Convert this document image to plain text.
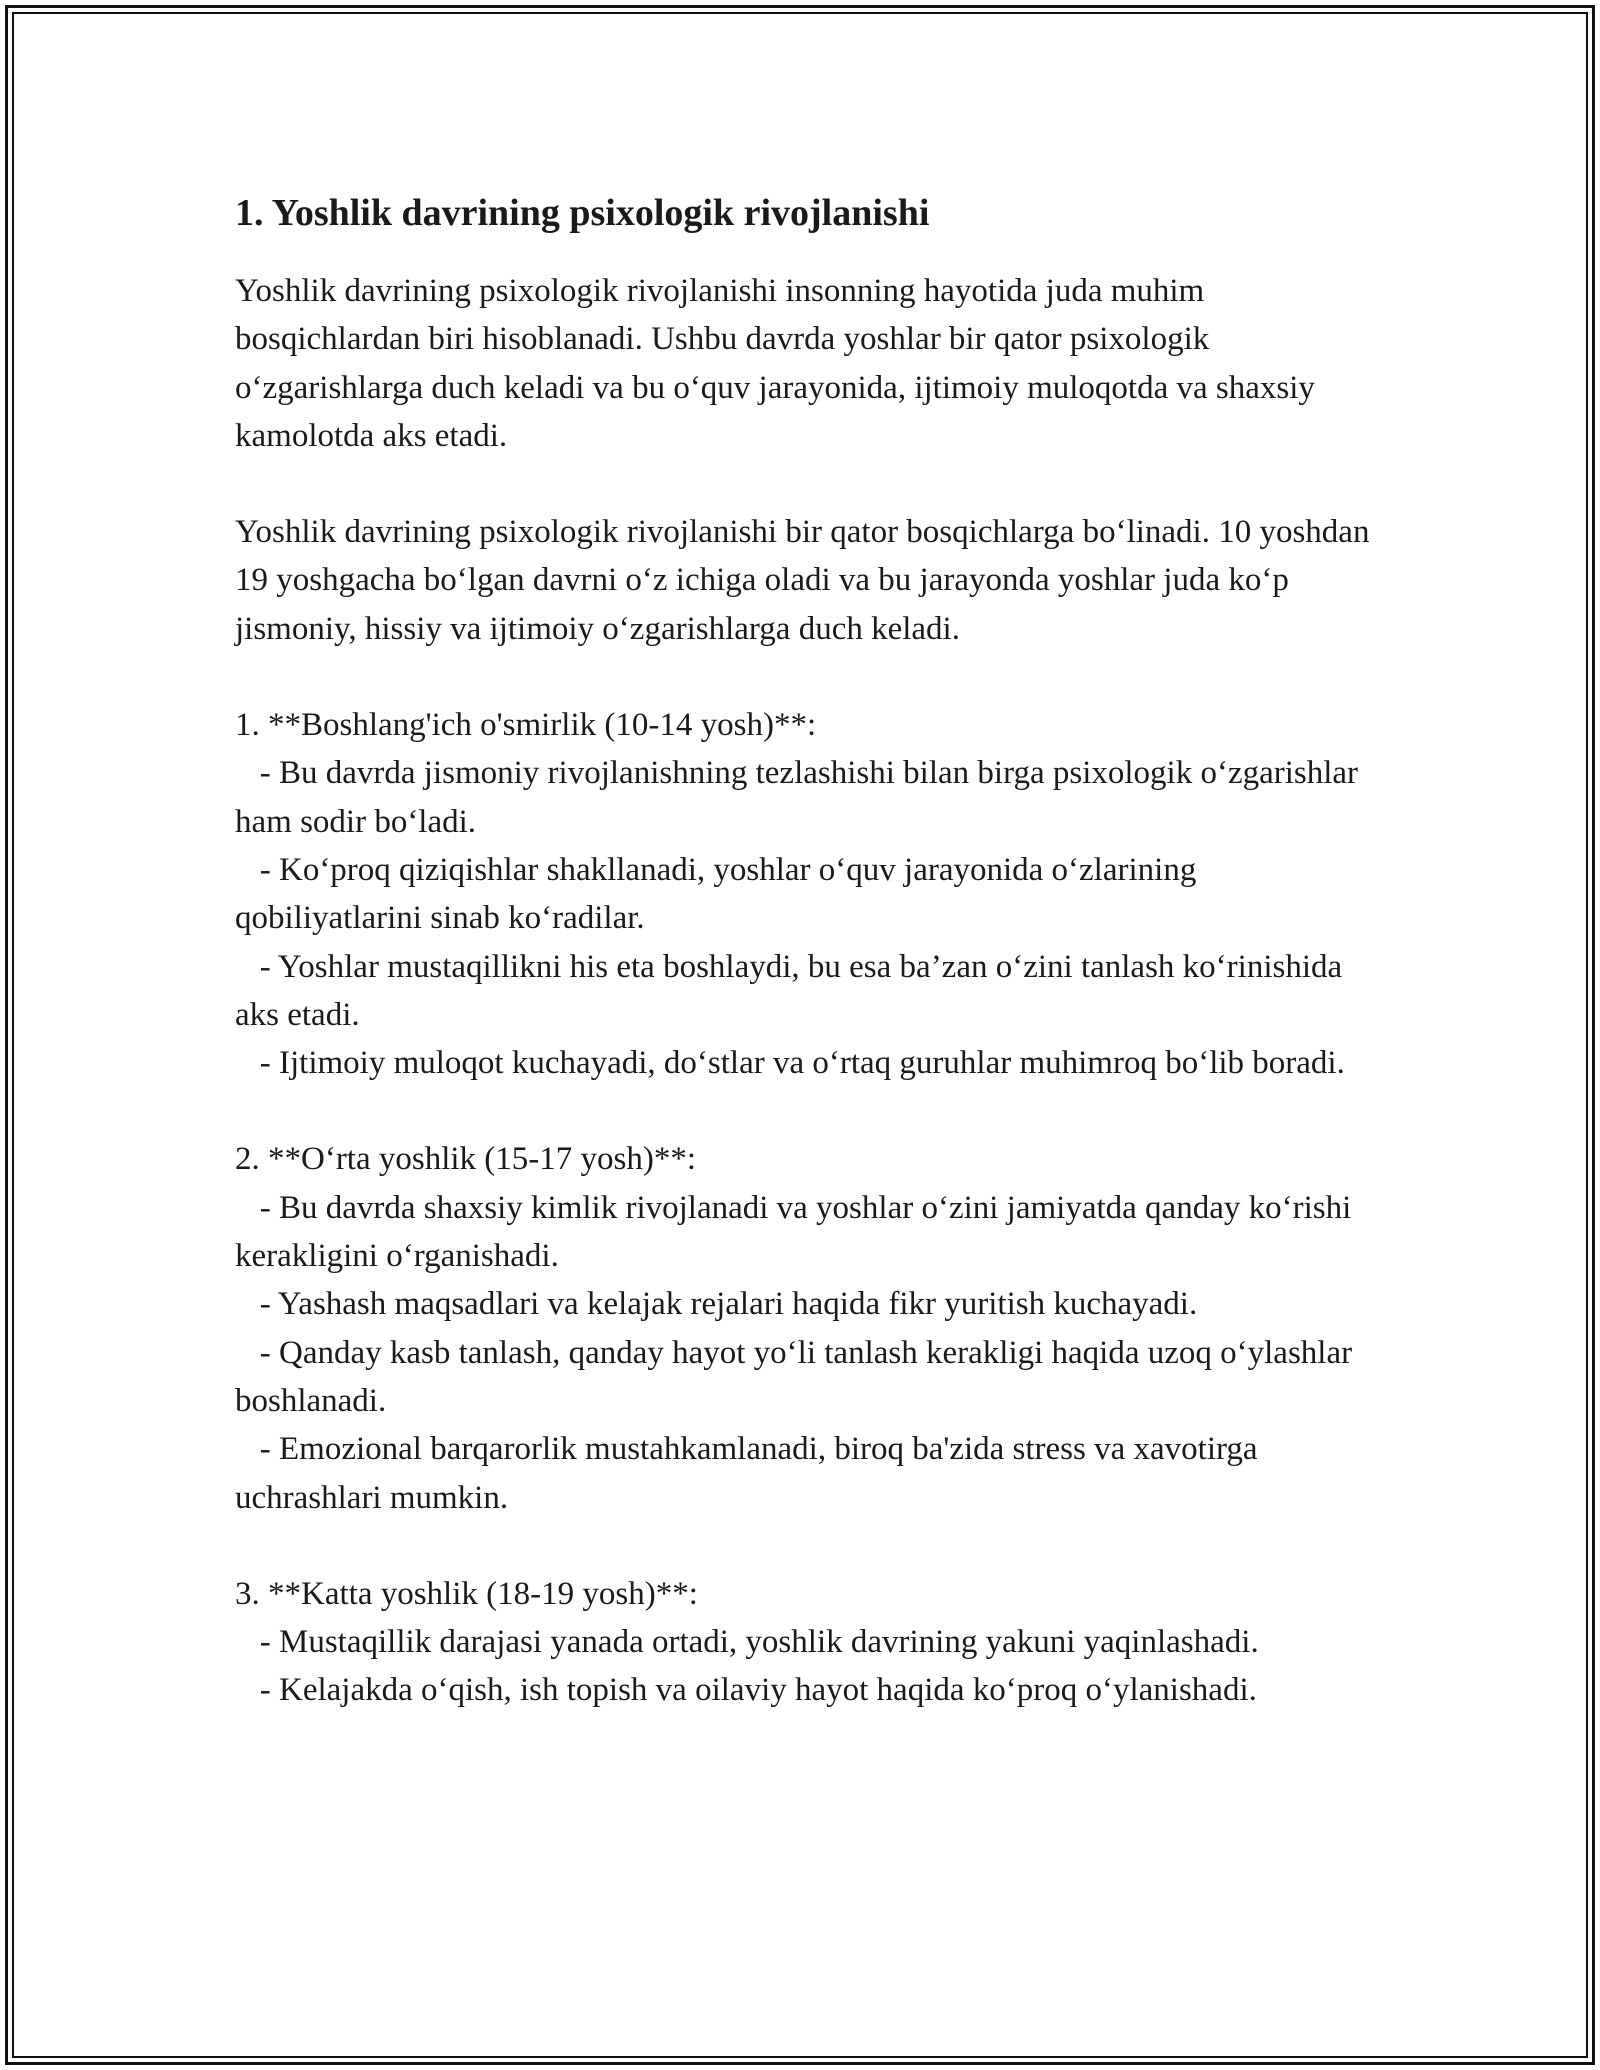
1. Yoshlik davrining psixologik rivojlanishi

Yoshlik davrining psixologik rivojlanishi insonning hayotida juda muhim bosqichlardan biri hisoblanadi. Ushbu davrda yoshlar bir qator psixologik o‘zgarishlarga duch keladi va bu o‘quv jarayonida, ijtimoiy muloqotda va shaxsiy kamolotda aks etadi.

Yoshlik davrining psixologik rivojlanishi bir qator bosqichlarga bo‘linadi. 10 yoshdan 19 yoshgacha bo‘lgan davrni o‘z ichiga oladi va bu jarayonda yoshlar juda ko‘p jismoniy, hissiy va ijtimoiy o‘zgarishlarga duch keladi.

1. **Boshlang'ich o'smirlik (10-14 yosh)**:

- Bu davrda jismoniy rivojlanishning tezlashishi bilan birga psixologik o‘zgarishlar ham sodir bo‘ladi.

- Ko‘proq qiziqishlar shakllanadi, yoshlar o‘quv jarayonida o‘zlarining qobiliyatlarini sinab ko‘radilar.

- Yoshlar mustaqillikni his eta boshlaydi, bu esa ba’zan o‘zini tanlash ko‘rinishida aks etadi.

- Ijtimoiy muloqot kuchayadi, do‘stlar va o‘rtaq guruhlar muhimroq bo‘lib boradi.

2. **O‘rta yoshlik (15-17 yosh)**:

- Bu davrda shaxsiy kimlik rivojlanadi va yoshlar o‘zini jamiyatda qanday ko‘rishi kerakligini o‘rganishadi.

- Yashash maqsadlari va kelajak rejalari haqida fikr yuritish kuchayadi.

- Qanday kasb tanlash, qanday hayot yo‘li tanlash kerakligi haqida uzoq o‘ylashlar boshlanadi.

- Emozional barqarorlik mustahkamlanadi, biroq ba'zida stress va xavotirga uchrashlari mumkin.

3. **Katta yoshlik (18-19 yosh)**:

- Mustaqillik darajasi yanada ortadi, yoshlik davrining yakuni yaqinlashadi.

- Kelajakda o‘qish, ish topish va oilaviy hayot haqida ko‘proq o‘ylanishadi.
